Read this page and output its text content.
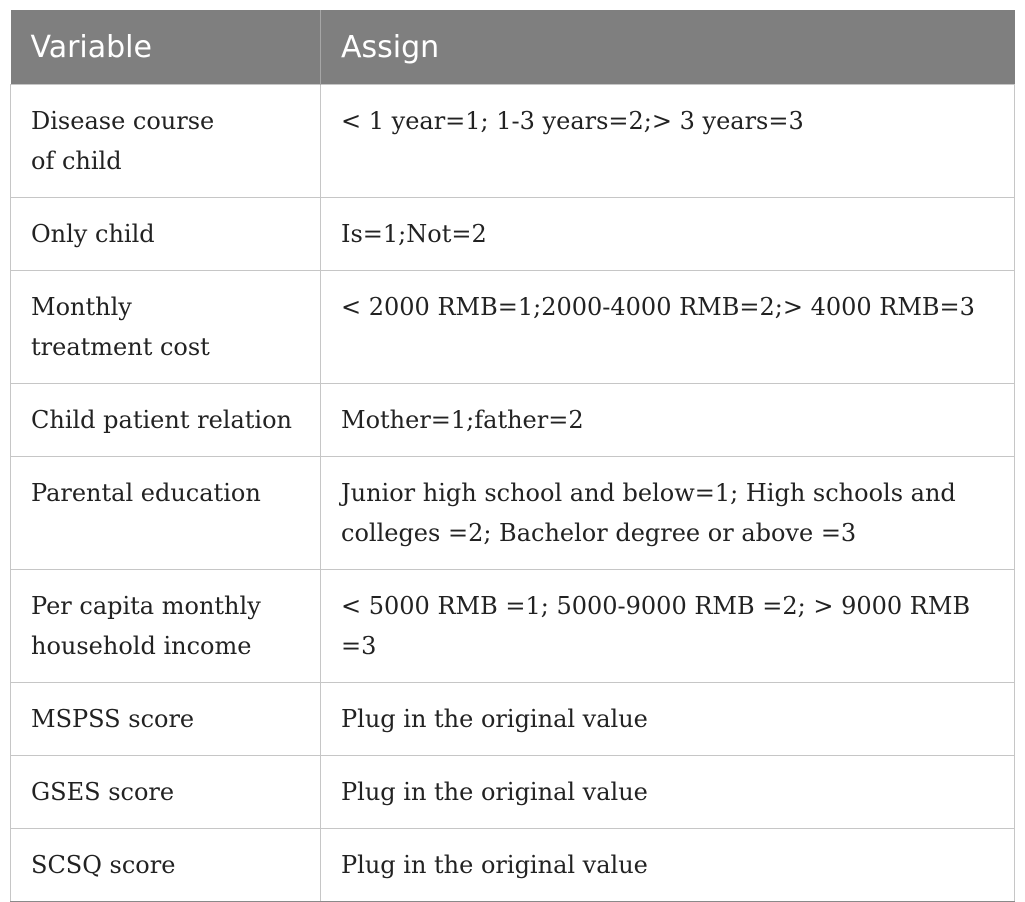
Variable	Assign
Disease course
of child	< 1 year=1; 1-3 years=2;> 3 years=3
Only child	Is=1;Not=2
Monthly
treatment cost	< 2000 RMB=1;2000-4000 RMB=2;> 4000 RMB=3
Child patient relation	Mother=1;father=2
Parental education	Junior high school and below=1; High schools and colleges =2; Bachelor degree or above =3
Per capita monthly
household income	< 5000 RMB =1; 5000-9000 RMB =2; > 9000 RMB =3
MSPSS score	Plug in the original value
GSES score	Plug in the original value
SCSQ score	Plug in the original value
